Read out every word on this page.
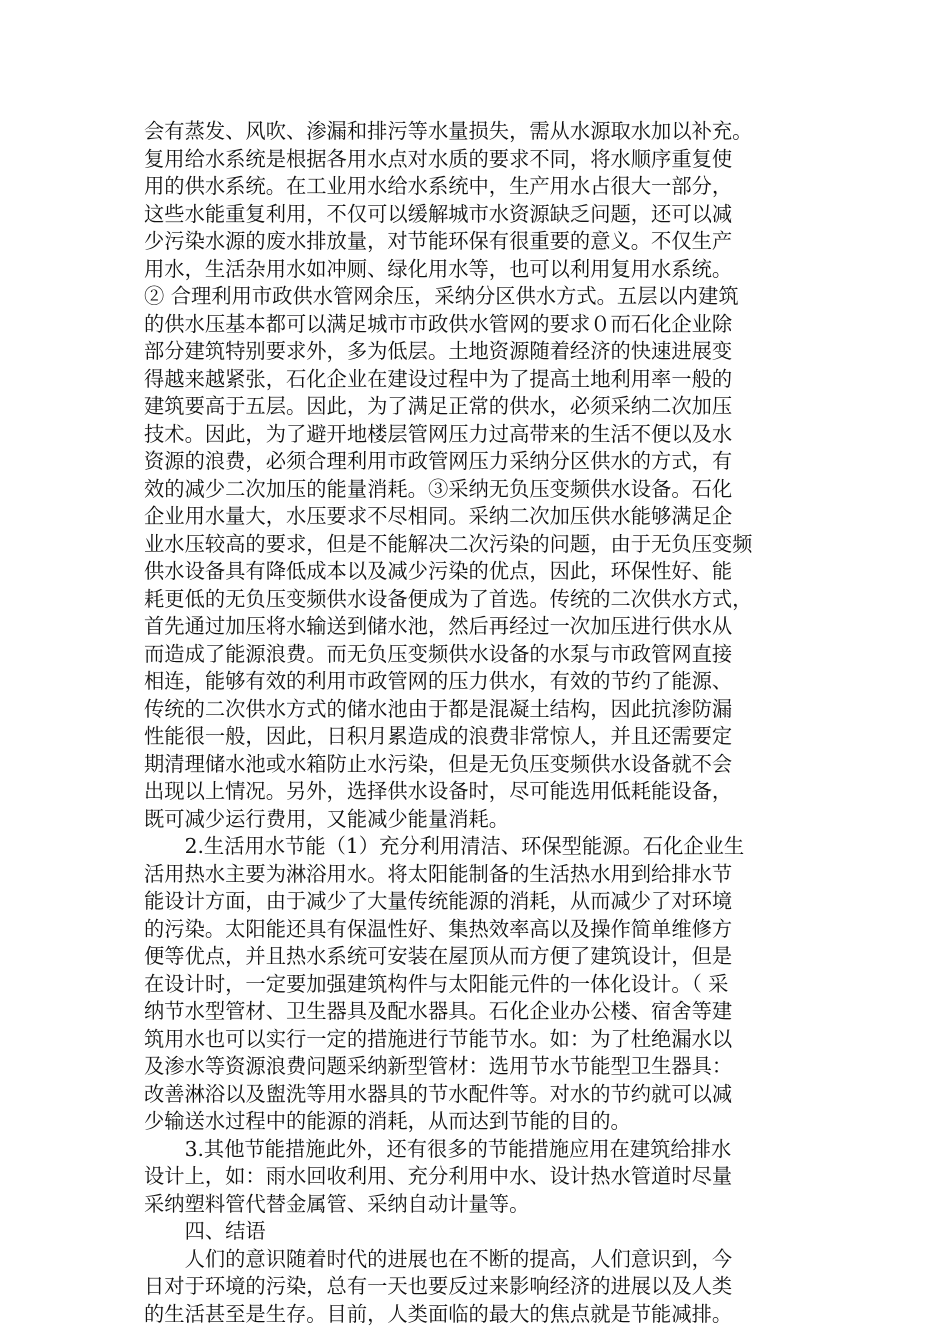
会有蒸发、风吹、渗漏和排污等水量损失，需从水源取水加以补充。
复用给水系统是根据各用水点对水质的要求不同，将水顺序重复使
用的供水系统。在工业用水给水系统中，生产用水占很大一部分，
这些水能重复利用，不仅可以缓解城市水资源缺乏问题，还可以减
少污染水源的废水排放量，对节能环保有很重要的意义。不仅生产
用水，生活杂用水如冲厕、绿化用水等，也可以利用复用水系统。
② 合理利用市政供水管网余压，采纳分区供水方式。五层以内建筑
的供水压基本都可以满足城市市政供水管网的要求０而石化企业除
部分建筑特别要求外，多为低层。土地资源随着经济的快速进展变
得越来越紧张，石化企业在建设过程中为了提高土地利用率一般的
建筑要高于五层。因此，为了满足正常的供水，必须采纳二次加压
技术。因此，为了避开地楼层管网压力过高带来的生活不便以及水
资源的浪费，必须合理利用市政管网压力采纳分区供水的方式，有
效的减少二次加压的能量消耗。③采纳无负压变频供水设备。石化
企业用水量大，水压要求不尽相同。采纳二次加压供水能够满足企
业水压较高的要求，但是不能解决二次污染的问题，由于无负压变频
供水设备具有降低成本以及减少污染的优点，因此，环保性好、能
耗更低的无负压变频供水设备便成为了首选。传统的二次供水方式，
首先通过加压将水输送到储水池，然后再经过一次加压进行供水从
而造成了能源浪费。而无负压变频供水设备的水泵与市政管网直接
相连，能够有效的利用市政管网的压力供水，有效的节约了能源、
传统的二次供水方式的储水池由于都是混凝土结构，因此抗渗防漏
性能很一般，因此，日积月累造成的浪费非常惊人，并且还需要定
期清理储水池或水箱防止水污染，但是无负压变频供水设备就不会
出现以上情况。另外，选择供水设备时，尽可能选用低耗能设备，
既可减少运行费用，又能减少能量消耗。
　　2.生活用水节能（1）充分利用清洁、环保型能源。石化企业生
活用热水主要为淋浴用水。将太阳能制备的生活热水用到给排水节
能设计方面，由于减少了大量传统能源的消耗，从而减少了对环境
的污染。太阳能还具有保温性好、集热效率高以及操作简单维修方
便等优点，并且热水系统可安装在屋顶从而方便了建筑设计，但是
在设计时，一定要加强建筑构件与太阳能元件的一体化设计。（ 采
纳节水型管材、卫生器具及配水器具。石化企业办公楼、宿舍等建
筑用水也可以实行一定的措施进行节能节水。如：为了杜绝漏水以
及渗水等资源浪费问题采纳新型管材：选用节水节能型卫生器具：
改善淋浴以及盥洗等用水器具的节水配件等。对水的节约就可以减
少输送水过程中的能源的消耗，从而达到节能的目的。
　　3.其他节能措施此外，还有很多的节能措施应用在建筑给排水
设计上，如：雨水回收利用、充分利用中水、设计热水管道时尽量
采纳塑料管代替金属管、采纳自动计量等。
　　四、结语
　　人们的意识随着时代的进展也在不断的提高，人们意识到，今
日对于环境的污染，总有一天也要反过来影响经济的进展以及人类
的生活甚至是生存。目前，人类面临的最大的焦点就是节能减排。
